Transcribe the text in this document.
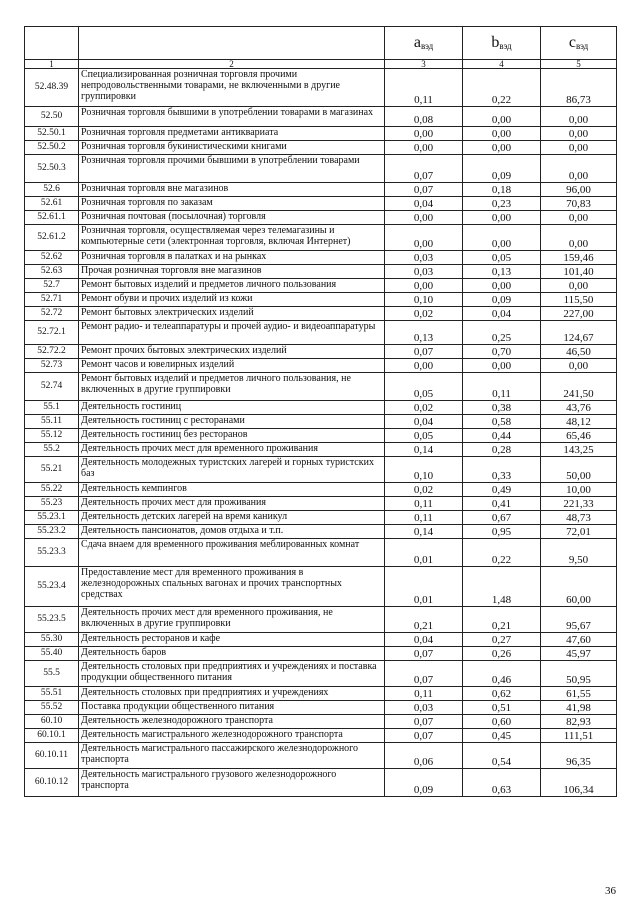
		$a_{вэд}$	$b_{вэд}$	$c_{вэд}$
1	2	3	4	5
52.48.39	Специализированная розничная торговля прочими непродовольственными товарами, не включенными в другие группировки	0,11	0,22	86,73
52.50	Розничная торговля бывшими в употреблении товарами в магазинах	0,08	0,00	0,00
52.50.1	Розничная торговля предметами антиквариата	0,00	0,00	0,00
52.50.2	Розничная торговля букинистическими книгами	0,00	0,00	0,00
52.50.3	Розничная торговля прочими бывшими в употреблении товарами	0,07	0,09	0,00
52.6	Розничная торговля вне магазинов	0,07	0,18	96,00
52.61	Розничная торговля по заказам	0,04	0,23	70,83
52.61.1	Розничная почтовая (посылочная) торговля	0,00	0,00	0,00
52.61.2	Розничная торговля, осуществляемая через телемагазины и компьютерные сети (электронная торговля, включая Интернет)	0,00	0,00	0,00
52.62	Розничная торговля в палатках и на рынках	0,03	0,05	159,46
52.63	Прочая розничная торговля вне магазинов	0,03	0,13	101,40
52.7	Ремонт бытовых изделий и предметов личного пользования	0,00	0,00	0,00
52.71	Ремонт обуви и прочих изделий из кожи	0,10	0,09	115,50
52.72	Ремонт бытовых электрических изделий	0,02	0,04	227,00
52.72.1	Ремонт радио- и телеаппаратуры и прочей аудио- и видеоаппаратуры	0,13	0,25	124,67
52.72.2	Ремонт прочих бытовых электрических изделий	0,07	0,70	46,50
52.73	Ремонт часов и ювелирных изделий	0,00	0,00	0,00
52.74	Ремонт бытовых изделий и предметов личного пользования, не включенных в другие группировки	0,05	0,11	241,50
55.1	Деятельность гостиниц	0,02	0,38	43,76
55.11	Деятельность гостиниц с ресторанами	0,04	0,58	48,12
55.12	Деятельность гостиниц без ресторанов	0,05	0,44	65,46
55.2	Деятельность прочих мест для временного проживания	0,14	0,28	143,25
55.21	Деятельность молодежных туристских лагерей и горных туристских баз	0,10	0,33	50,00
55.22	Деятельность кемпингов	0,02	0,49	10,00
55.23	Деятельность прочих мест для проживания	0,11	0,41	221,33
55.23.1	Деятельность детских лагерей на время каникул	0,11	0,67	48,73
55.23.2	Деятельность пансионатов, домов отдыха и т.п.	0,14	0,95	72,01
55.23.3	Сдача внаем для временного проживания меблированных комнат	0,01	0,22	9,50
55.23.4	Предоставление мест для временного проживания в железнодорожных спальных вагонах и прочих транспортных средствах	0,01	1,48	60,00
55.23.5	Деятельность прочих мест для временного проживания, не включенных в другие группировки	0,21	0,21	95,67
55.30	Деятельность ресторанов и кафе	0,04	0,27	47,60
55.40	Деятельность баров	0,07	0,26	45,97
55.5	Деятельность столовых при предприятиях и учреждениях и поставка продукции общественного питания	0,07	0,46	50,95
55.51	Деятельность столовых при предприятиях и учреждениях	0,11	0,62	61,55
55.52	Поставка продукции общественного питания	0,03	0,51	41,98
60.10	Деятельность железнодорожного транспорта	0,07	0,60	82,93
60.10.1	Деятельность магистрального железнодорожного транспорта	0,07	0,45	111,51
60.10.11	Деятельность магистрального пассажирского железнодорожного транспорта	0,06	0,54	96,35
60.10.12	Деятельность магистрального грузового железнодорожного транспорта	0,09	0,63	106,34
36
